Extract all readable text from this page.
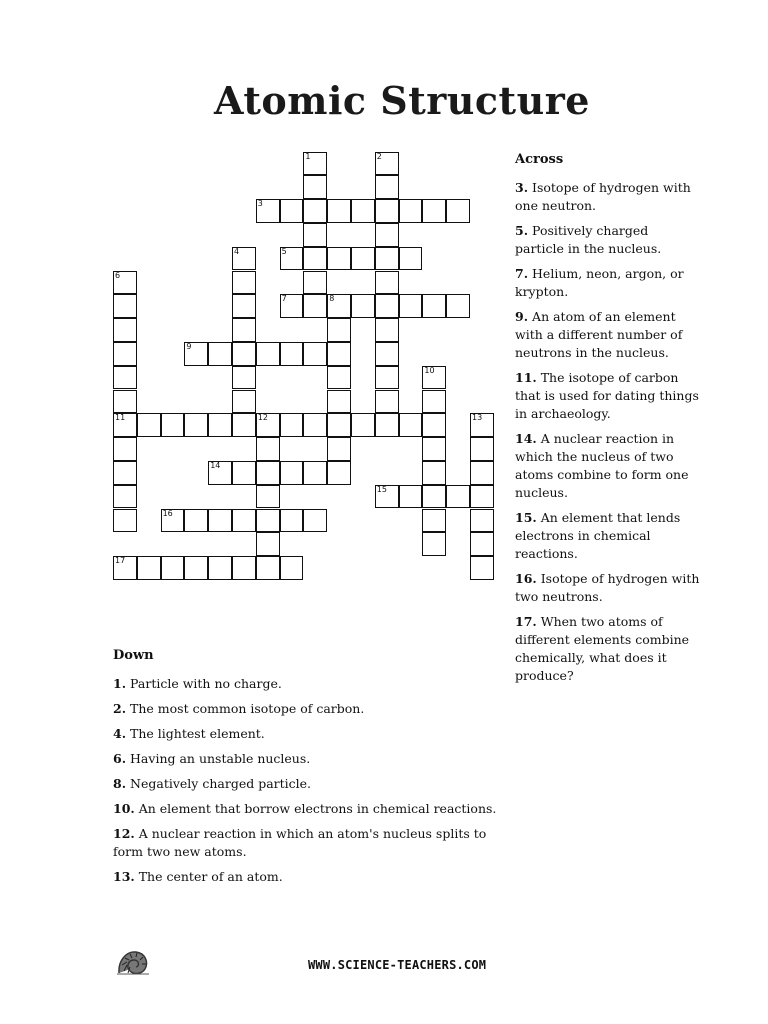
Atomic Structure
1	2
3
4	5
6
11
7	8
9
10
12	13
14
15
16
17
Across
3. Isotope of hydrogen with one neutron.
5. Positively charged particle in the nucleus.
7. Helium, neon, argon, or krypton.
9. An atom of an element with a different number of neutrons in the nucleus.
11. The isotope of carbon that is used for dating things in archaeology.
14. A nuclear reaction in which the nucleus of two atoms combine to form one nucleus.
15. An element that lends electrons in chemical reactions.
16. Isotope of hydrogen with two neutrons.
17. When two atoms of different elements combine chemically, what does it produce?
Down
1. Particle with no charge.
2. The most common isotope of carbon.
4. The lightest element.
6. Having an unstable nucleus.
8. Negatively charged particle.
10. An element that borrow electrons in chemical reactions.
12. A nuclear reaction in which an atom's nucleus splits to form two new atoms.
13. The center of an atom.
WWW.SCIENCE-TEACHERS.COM
